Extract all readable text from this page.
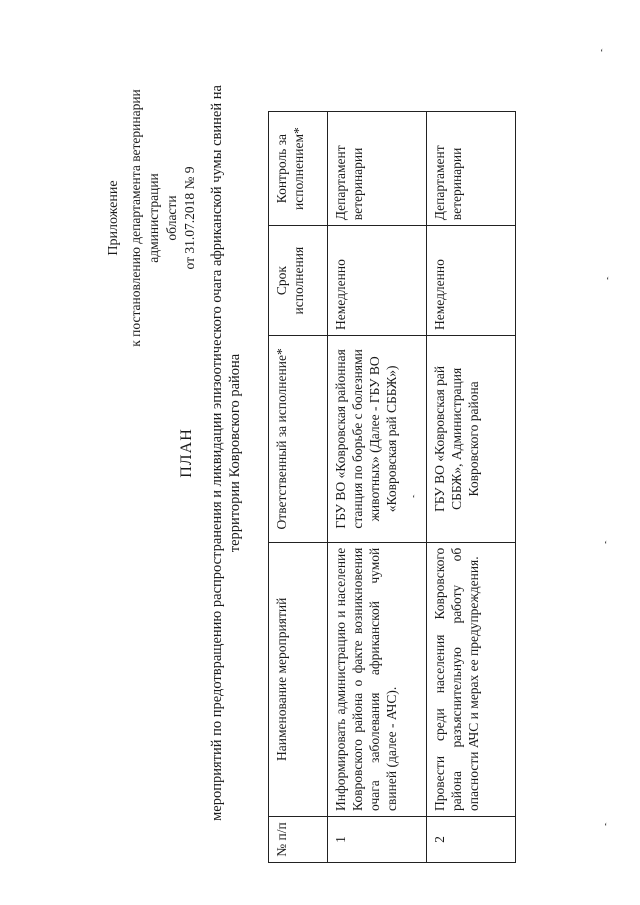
Приложение к постановлению департамента ветеринарии администрации области от 31.07.2018 № 9
ПЛАН мероприятий по предотвращению распространения и ликвидации эпизоотического очага африканской чумы свиней на территории Ковровского района
№ п/п	Наименование мероприятий	Ответственный за исполнение*	Срок исполнения	Контроль за исполнением*
1	Информировать администрацию и население Ковровского района о факте возникновения очага заболевания африканской чумой свиней (далее - АЧС).	ГБУ ВО «Ковровская районная станция по борьбе с болезнями животных» (Далее - ГБУ ВО «Ковровская рай СББЖ»)	Немедленно	Департамент ветеринарии
2	Провести среди населения Ковровского района разъяснительную работу об опасности АЧС и мерах ее предупреждения.	ГБУ ВО «Ковровская рай СББЖ», Администрация Ковровского района	Немедленно	Департамент ветеринарии
ʻ
ʻ
ʻ
ʻ
ʻ
